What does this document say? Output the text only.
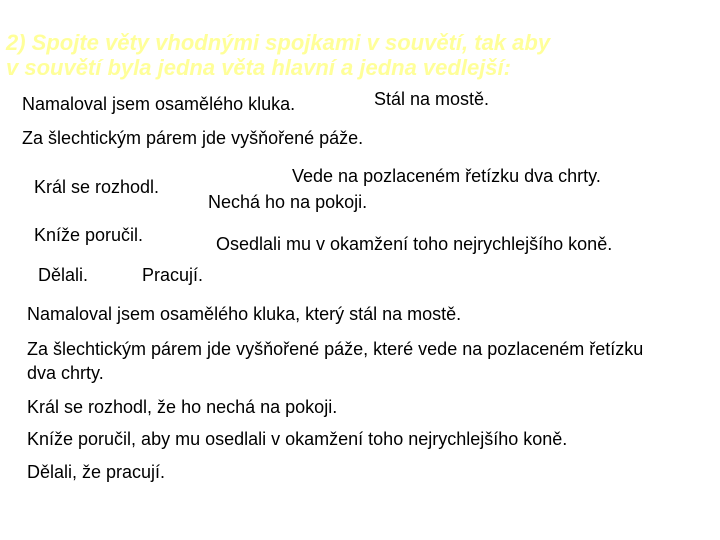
2) Spojte věty vhodnými spojkami v souvětí, tak aby
v souvětí byla jedna věta hlavní a jedna vedlejší:
Namaloval jsem osamělého kluka.	Stál na mostě.
Za šlechtickým párem jde vyšňořené páže.
Král se rozhodl.
Vede na pozlaceném řetízku dva chrty.
Nechá ho na pokoji.
Kníže poručil.	Osedlali mu v okamžení toho nejrychlejšího koně.
Dělali.	Pracují.
Namaloval jsem osamělého kluka, který stál na mostě.
Za šlechtickým párem jde vyšňořené páže, které vede na pozlaceném řetízku dva chrty.
Král se rozhodl, že ho nechá na pokoji.
Kníže poručil, aby mu osedlali v okamžení toho nejrychlejšího koně.
Dělali, že pracují.
